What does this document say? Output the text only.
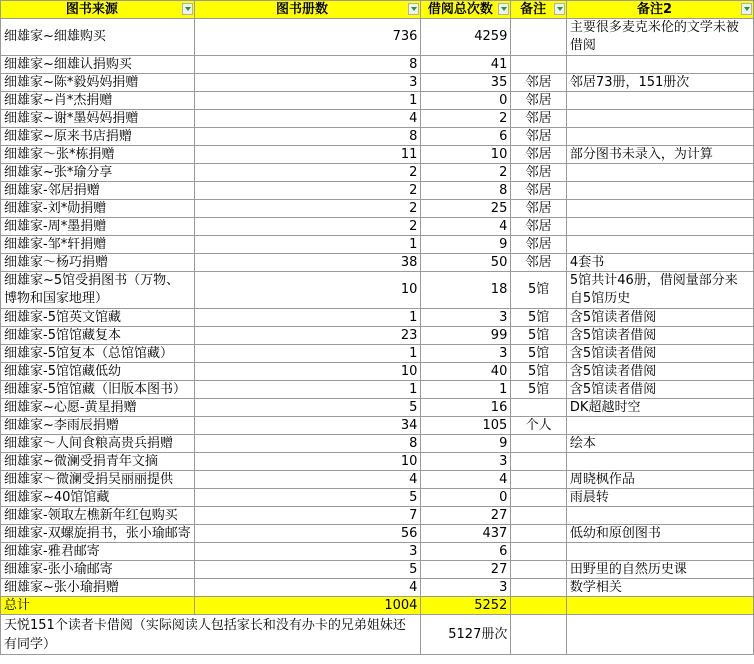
图书来源	图书册数	借阅总次数	备注	备注2

细雄家~细雄购买	736	4259		主要很多麦克米伦的文学未被借阅
细雄家~细雄认捐购买	8	41		
细雄家~陈*毅妈妈捐赠	3	35	邻居	邻居73册，151册次
细雄家~肖*杰捐赠	1	0	邻居	
细雄家~谢*墨妈妈捐赠	4	2	邻居	
细雄家~原来书店捐赠	8	6	邻居	
细雄家～张*栋捐赠	11	10	邻居	部分图书未录入，为计算
细雄家~张*瑜分享	2	2	邻居	
细雄家-邻居捐赠	2	8	邻居	
细雄家-刘*勋捐赠	2	25	邻居	
细雄家-周*墨捐赠	2	4	邻居	
细雄家-邹*轩捐赠	1	9	邻居	
细雄家～杨巧捐赠	38	50	邻居	4套书
细雄家~5馆受捐图书（万物、博物和国家地理）	10	18	5馆	5馆共计46册，借阅量部分来自5馆历史
细雄家-5馆英文馆藏	1	3	5馆	含5馆读者借阅
细雄家-5馆馆藏复本	23	99	5馆	含5馆读者借阅
细雄家-5馆复本（总馆馆藏）	1	3	5馆	含5馆读者借阅
细雄家-5馆馆藏低幼	10	40	5馆	含5馆读者借阅
细雄家-5馆馆藏（旧版本图书）	1	1	5馆	含5馆读者借阅
细雄家~心愿-黄星捐赠	5	16		DK超越时空
细雄家~李雨辰捐赠	34	105	个人	
细雄家～人间食粮高贵兵捐赠	8	9		绘本
细雄家~微澜受捐青年文摘	10	3		
细雄家～微澜受捐吴丽丽提供	4	4		周晓枫作品
细雄家~40馆馆藏	5	0		雨晨转
细雄家-领取左樵新年红包购买	7	27		
细雄家-双螺旋捐书，张小瑜邮寄	56	437		低幼和原创图书
细雄家-雅君邮寄	3	6		
细雄家-张小瑜邮寄	5	27		田野里的自然历史课
细雄家~张小瑜捐赠	4	3		数学相关
总计	1004	5252		
天悦151个读者卡借阅（实际阅读人包括家长和没有办卡的兄弟姐妹还有同学）		5127册次		
